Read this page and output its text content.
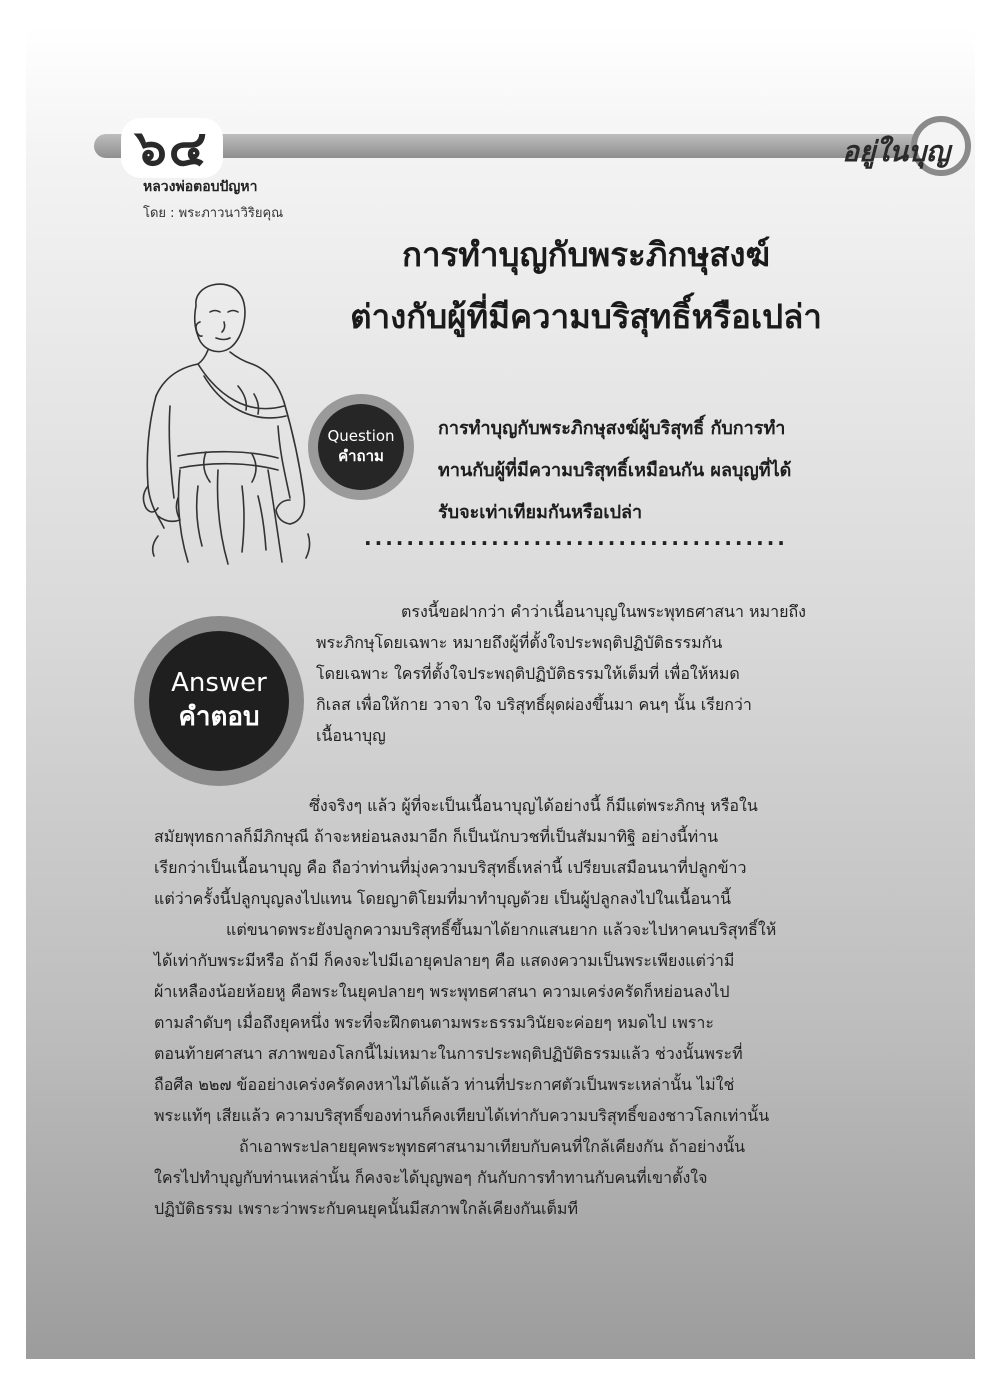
๖๔	อยู่ในบุญ
หลวงพ่อตอบปัญหา
โดย : พระภาวนาวิริยคุณ
การทำบุญกับพระภิกษุสงฆ์
ต่างกับผู้ที่มีความบริสุทธิ์หรือเปล่า
Question
คำถาม

การทำบุญกับพระภิกษุสงฆ์ผู้บริสุทธิ์ กับการทำ
ทานกับผู้ที่มีความบริสุทธิ์เหมือนกัน ผลบุญที่ได้
รับจะเท่าเทียมกันหรือเปล่า

........................................
Answer
คำตอบ

ตรงนี้ขอฝากว่า คำว่าเนื้อนาบุญในพระพุทธศาสนา หมายถึง
พระภิกษุโดยเฉพาะ หมายถึงผู้ที่ตั้งใจประพฤติปฏิบัติธรรมกัน
โดยเฉพาะ ใครที่ตั้งใจประพฤติปฏิบัติธรรมให้เต็มที่ เพื่อให้หมด
กิเลส เพื่อให้กาย วาจา ใจ บริสุทธิ์ผุดผ่องขึ้นมา คนๆ นั้น เรียกว่า
เนื้อนาบุญ

ซึ่งจริงๆ แล้ว ผู้ที่จะเป็นเนื้อนาบุญได้อย่างนี้ ก็มีแต่พระภิกษุ หรือใน
สมัยพุทธกาลก็มีภิกษุณี ถ้าจะหย่อนลงมาอีก ก็เป็นนักบวชที่เป็นสัมมาทิฐิ อย่างนี้ท่าน
เรียกว่าเป็นเนื้อนาบุญ คือ ถือว่าท่านที่มุ่งความบริสุทธิ์เหล่านี้ เปรียบเสมือนนาที่ปลูกข้าว
แต่ว่าครั้งนี้ปลูกบุญลงไปแทน โดยญาติโยมที่มาทำบุญด้วย เป็นผู้ปลูกลงไปในเนื้อนานี้
แต่ขนาดพระยังปลูกความบริสุทธิ์ขึ้นมาได้ยากแสนยาก แล้วจะไปหาคนบริสุทธิ์ให้
ได้เท่ากับพระมีหรือ ถ้ามี ก็คงจะไปมีเอายุคปลายๆ คือ แสดงความเป็นพระเพียงแต่ว่ามี
ผ้าเหลืองน้อยห้อยหู คือพระในยุคปลายๆ พระพุทธศาสนา ความเคร่งครัดก็หย่อนลงไป
ตามลำดับๆ เมื่อถึงยุคหนึ่ง พระที่จะฝึกตนตามพระธรรมวินัยจะค่อยๆ หมดไป เพราะ
ตอนท้ายศาสนา สภาพของโลกนี้ไม่เหมาะในการประพฤติปฏิบัติธรรมแล้ว ช่วงนั้นพระที่
ถือศีล ๒๒๗ ข้ออย่างเคร่งครัดคงหาไม่ได้แล้ว ท่านที่ประกาศตัวเป็นพระเหล่านั้น ไม่ใช่
พระแท้ๆ เสียแล้ว ความบริสุทธิ์ของท่านก็คงเทียบได้เท่ากับความบริสุทธิ์ของชาวโลกเท่านั้น
ถ้าเอาพระปลายยุคพระพุทธศาสนามาเทียบกับคนที่ใกล้เคียงกัน ถ้าอย่างนั้น
ใครไปทำบุญกับท่านเหล่านั้น ก็คงจะได้บุญพอๆ กันกับการทำทานกับคนที่เขาตั้งใจ
ปฏิบัติธรรม เพราะว่าพระกับคนยุคนั้นมีสภาพใกล้เคียงกันเต็มที
